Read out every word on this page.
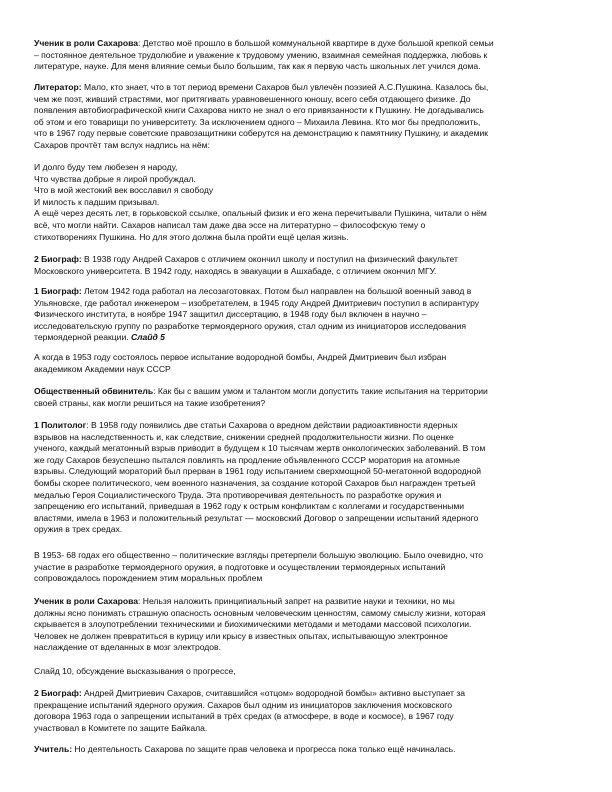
Ученик в роли Сахарова: Детство моё прошло в большой коммунальной квартире в духе большой крепкой семьи
– постоянное деятельное трудолюбие и уважение к трудовому умению, взаимная семейная поддержка, любовь к
литературе, науке. Для меня влияние семьи было большим, так как я первую часть школьных лет учился дома.

Литератор: Мало, кто знает, что в тот период времени Сахаров был увлечён поэзией А.С.Пушкина. Казалось бы,
чем же поэт, живший страстями, мог притягивать уравновешенного юношу, всего себя отдающего физике. До
появления автобиографической книги Сахарова никто не знал о его привязанности к Пушкину. Не догадывались
об этом и его товарищи по университету. За исключением одного – Михаила Левина. Кто мог бы предположить,
что в 1967 году первые советские правозащитники соберутся на демонстрацию к памятнику Пушкину, и академик
Сахаров прочтёт там вслух надпись на нём:

И долго буду тем любезен я народу,
Что чувства добрые я лирой пробуждал.
Что в мой жестокий век восславил я свободу
И милость к падшим призывал.
А ещё через десять лет, в горьковской ссылке, опальный физик и его жена перечитывали Пушкина, читали о нём
всё, что могли найти. Сахаров написал там даже два эссе на литературно – философскую тему о
стихотворениях Пушкина. Но для этого должна была пройти ещё целая жизнь.

2 Биограф: В 1938 году Андрей Сахаров с отличием окончил школу и поступил на физический факультет
Московского университета. В 1942 году, находясь в эвакуации в Ашхабаде, с отличием окончил МГУ.

1 Биограф: Летом 1942 года работал на лесозаготовках. Потом был направлен на большой военный завод в
Ульяновске, где работал инженером – изобретателем, в 1945 году Андрей Дмитриевич поступил в аспирантуру
Физического института, в ноябре 1947 защитил диссертацию, в 1948 году был включен в научно –
исследовательскую группу по разработке термоядерного оружия, стал одним из инициаторов исследования
термоядерной реакции. Слайд 5

А когда в 1953 году состоялось первое испытание водородной бомбы, Андрей Дмитриевич был избран
академиком Академии наук СССР

Общественный обвинитель: Как бы с вашим умом и талантом могли допустить такие испытания на территории
своей страны, как могли решиться на такие изобретения?

1 Политолог: В 1958 году появились две статьи Сахарова о вредном действии радиоактивности ядерных
взрывов на наследственность и, как следствие, снижении средней продолжительности жизни. По оценке
ученого, каждый мегатонный взрыв приводит в будущем к 10 тысячам жертв онкологических заболеваний. В том
же году Сахаров безуспешно пытался повлиять на продление объявленного СССР моратория на атомные
взрывы. Следующий мораторий был прерван в 1961 году испытанием сверхмощной 50-мегатонной водородной
бомбы скорее политического, чем военного назначения, за создание которой Сахаров был награжден третьей
медалью Героя Социалистического Труда. Эта противоречивая деятельность по разработке оружия и
запрещению его испытаний, приведшая в 1962 году к острым конфликтам с коллегами и государственными
властями, имела в 1963 и положительный результат — московский Договор о запрещении испытаний ядерного
оружия в трех средах.

В 1953- 68 годах его общественно – политические взгляды претерпели большую эволюцию. Было очевидно, что
участие в разработке термоядерного оружия, в подготовке и осуществлении термоядерных испытаний
сопровождалось порождением этим моральных проблем

Ученик в роли Сахарова: Нельзя наложить принципиальный запрет на развитие науки и техники, но мы
должны ясно понимать страшную опасность основным человеческим ценностям, самому смыслу жизни, которая
скрывается в злоупотреблении техническими и биохимическими методами и методами массовой психологии.
Человек не должен превратиться в курицу или крысу в известных опытах, испытывающую электронное
наслаждение от вделанных в мозг электродов.

Слайд 10, обсуждение высказывания о прогрессе,

2 Биограф: Андрей Дмитриевич Сахаров, считавшийся «отцом» водородной бомбы» активно выступает за
прекращение испытаний ядерного оружия. Сахаров был одним из инициаторов заключения московского
договора 1963 года о запрещении испытаний в трёх средах (в атмосфере, в воде и космосе), в 1967 году
участвовал в Комитете по защите Байкала.

Учитель: Но деятельность Сахарова по защите прав человека и прогресса пока только ещё начиналась.
